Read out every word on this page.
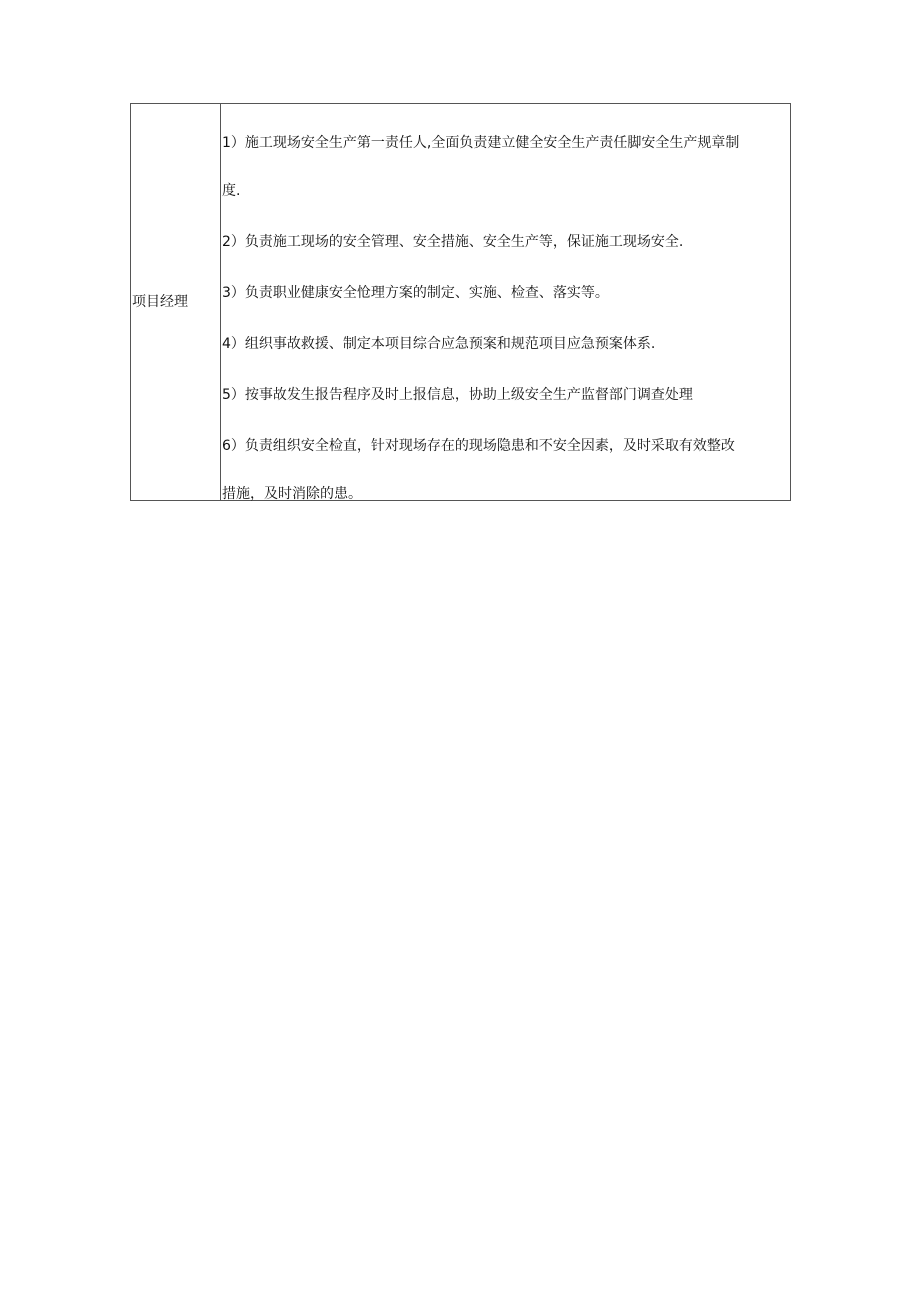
项目经理	
1）施工现场安全生产第一责任人,全面负责建立健全安全生产责任脚安全生产规章制
度.
2）负责施工现场的安全管理、安全措施、安全生产等，保证施工现场安全.
3）负责职业健康安全怆理方案的制定、实施、检查、落实等。
4）组织事故救援、制定本项目综合应急预案和规范项目应急预案体系.
5）按事故发生报告程序及时上报信息，协助上级安全生产监督部门调查处理
6）负责组织安全检直，针对现场存在的现场隐患和不安全因素，及时采取有效整改
措施，及时消除的患。
